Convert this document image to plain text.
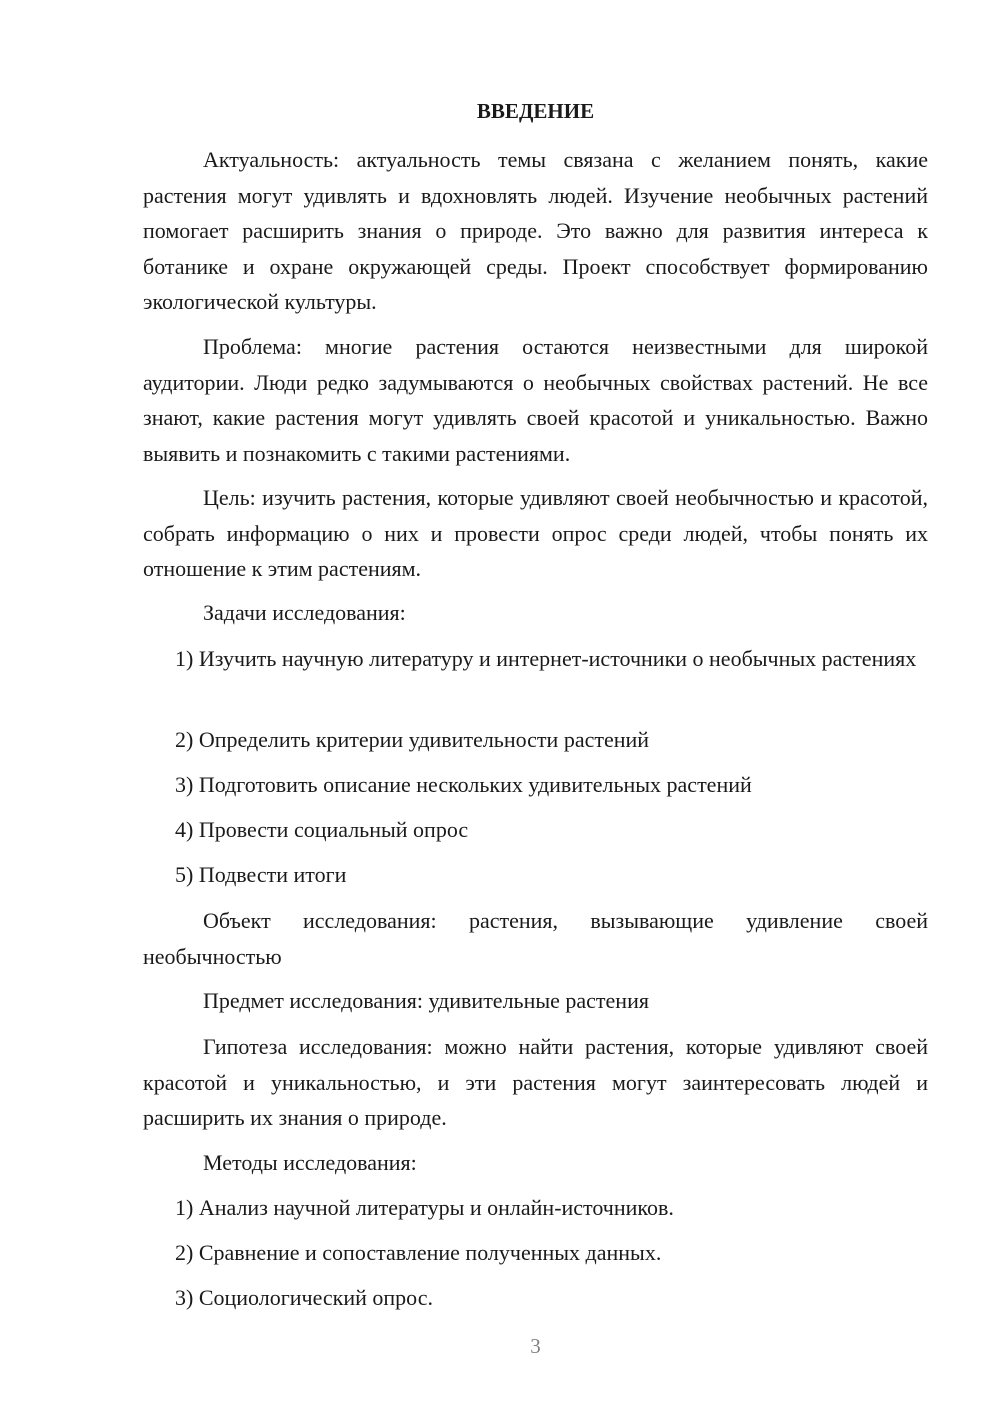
ВВЕДЕНИЕ

Актуальность: актуальность темы связана с желанием понять, какие растения могут удивлять и вдохновлять людей. Изучение необычных растений помогает расширить знания о природе. Это важно для развития интереса к ботанике и охране окружающей среды. Проект способствует формированию экологической культуры.

Проблема: многие растения остаются неизвестными для широкой аудитории. Люди редко задумываются о необычных свойствах растений. Не все знают, какие растения могут удивлять своей красотой и уникальностью. Важно выявить и познакомить с такими растениями.

Цель: изучить растения, которые удивляют своей необычностью и красотой, собрать информацию о них и провести опрос среди людей, чтобы понять их отношение к этим растениям.

Задачи исследования:

1) Изучить научную литературу и интернет-источники о необычных растениях

2) Определить критерии удивительности растений

3) Подготовить описание нескольких удивительных растений

4) Провести социальный опрос

5) Подвести итоги

Объект исследования: растения, вызывающие удивление своей необычностью

Предмет исследования: удивительные растения

Гипотеза исследования: можно найти растения, которые удивляют своей красотой и уникальностью, и эти растения могут заинтересовать людей и расширить их знания о природе.

Методы исследования:

1) Анализ научной литературы и онлайн-источников.

2) Сравнение и сопоставление полученных данных.

3) Социологический опрос.

3
